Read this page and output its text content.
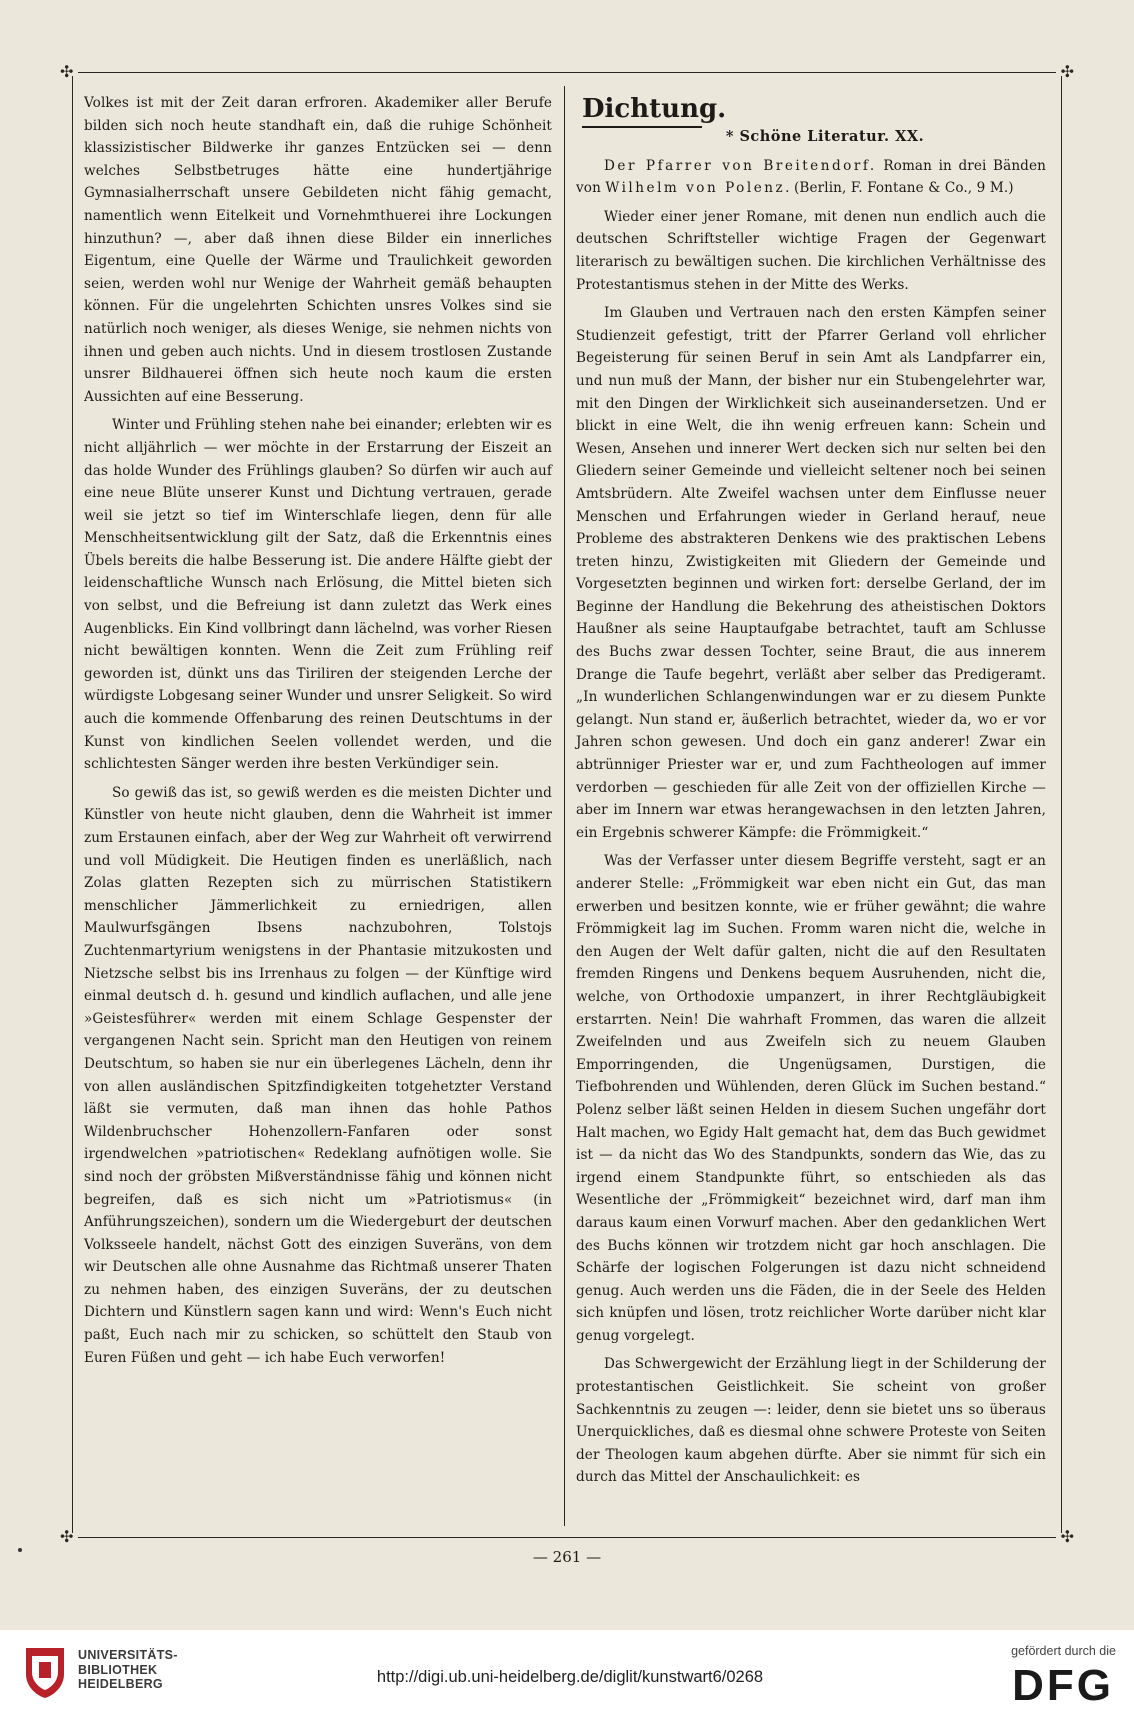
✣	✣
✣	✣

Volkes ist mit der Zeit daran erfroren. Akademiker aller Berufe bilden sich noch heute standhaft ein, daß die ruhige Schönheit klassizistischer Bildwerke ihr ganzes Entzücken sei — denn welches Selbstbetruges hätte eine hundertjährige Gymnasialherrschaft unsere Gebildeten nicht fähig gemacht, namentlich wenn Eitelkeit und Vornehmthuerei ihre Lockungen hinzuthun? —, aber daß ihnen diese Bilder ein innerliches Eigentum, eine Quelle der Wärme und Traulichkeit geworden seien, werden wohl nur Wenige der Wahrheit gemäß behaupten können. Für die ungelehrten Schichten unsres Volkes sind sie natürlich noch weniger, als dieses Wenige, sie nehmen nichts von ihnen und geben auch nichts. Und in diesem trostlosen Zustande unsrer Bildhauerei öffnen sich heute noch kaum die ersten Aussichten auf eine Besserung.

Winter und Frühling stehen nahe bei einander; erlebten wir es nicht alljährlich — wer möchte in der Erstarrung der Eiszeit an das holde Wunder des Frühlings glauben? So dürfen wir auch auf eine neue Blüte unserer Kunst und Dichtung vertrauen, gerade weil sie jetzt so tief im Winterschlafe liegen, denn für alle Menschheitsentwicklung gilt der Satz, daß die Erkenntnis eines Übels bereits die halbe Besserung ist. Die andere Hälfte giebt der leidenschaftliche Wunsch nach Erlösung, die Mittel bieten sich von selbst, und die Befreiung ist dann zuletzt das Werk eines Augenblicks. Ein Kind vollbringt dann lächelnd, was vorher Riesen nicht bewältigen konnten. Wenn die Zeit zum Frühling reif geworden ist, dünkt uns das Tiriliren der steigenden Lerche der würdigste Lobgesang seiner Wunder und unsrer Seligkeit. So wird auch die kommende Offenbarung des reinen Deutschtums in der Kunst von kindlichen Seelen vollendet werden, und die schlichtesten Sänger werden ihre besten Verkündiger sein.

So gewiß das ist, so gewiß werden es die meisten Dichter und Künstler von heute nicht glauben, denn die Wahrheit ist immer zum Erstaunen einfach, aber der Weg zur Wahrheit oft verwirrend und voll Müdigkeit. Die Heutigen finden es unerläßlich, nach Zolas glatten Rezepten sich zu mürrischen Statistikern menschlicher Jämmerlichkeit zu erniedrigen, allen Maulwurfsgängen Ibsens nachzubohren, Tolstojs Zuchtenmartyrium wenigstens in der Phantasie mitzukosten und Nietzsche selbst bis ins Irrenhaus zu folgen — der Künftige wird einmal deutsch d. h. gesund und kindlich auflachen, und alle jene »Geistesführer« werden mit einem Schlage Gespenster der vergangenen Nacht sein. Spricht man den Heutigen von reinem Deutschtum, so haben sie nur ein überlegenes Lächeln, denn ihr von allen ausländischen Spitzfindigkeiten totgehetzter Verstand läßt sie vermuten, daß man ihnen das hohle Pathos Wildenbruchscher Hohenzollern-Fanfaren oder sonst irgendwelchen »patriotischen« Redeklang aufnötigen wolle. Sie sind noch der gröbsten Mißverständnisse fähig und können nicht begreifen, daß es sich nicht um »Patriotismus« (in Anführungszeichen), sondern um die Wiedergeburt der deutschen Volksseele handelt, nächst Gott des einzigen Suveräns, von dem wir Deutschen alle ohne Ausnahme das Richtmaß unserer Thaten zu nehmen haben, des einzigen Suveräns, der zu deutschen Dichtern und Künstlern sagen kann und wird: Wenn's Euch nicht paßt, Euch nach mir zu schicken, so schüttelt den Staub von Euren Füßen und geht — ich habe Euch verworfen!

Dichtung.

* Schöne Literatur. XX.

Der Pfarrer von Breitendorf. Roman in drei Bänden von Wilhelm von Polenz. (Berlin, F. Fontane & Co., 9 M.)

Wieder einer jener Romane, mit denen nun endlich auch die deutschen Schriftsteller wichtige Fragen der Gegenwart literarisch zu bewältigen suchen. Die kirchlichen Verhältnisse des Protestantismus stehen in der Mitte des Werks.

Im Glauben und Vertrauen nach den ersten Kämpfen seiner Studienzeit gefestigt, tritt der Pfarrer Gerland voll ehrlicher Begeisterung für seinen Beruf in sein Amt als Landpfarrer ein, und nun muß der Mann, der bisher nur ein Stubengelehrter war, mit den Dingen der Wirklichkeit sich auseinandersetzen. Und er blickt in eine Welt, die ihn wenig erfreuen kann: Schein und Wesen, Ansehen und innerer Wert decken sich nur selten bei den Gliedern seiner Gemeinde und vielleicht seltener noch bei seinen Amtsbrüdern. Alte Zweifel wachsen unter dem Einflusse neuer Menschen und Erfahrungen wieder in Gerland herauf, neue Probleme des abstrakteren Denkens wie des praktischen Lebens treten hinzu, Zwistigkeiten mit Gliedern der Gemeinde und Vorgesetzten beginnen und wirken fort: derselbe Gerland, der im Beginne der Handlung die Bekehrung des atheistischen Doktors Haußner als seine Hauptaufgabe betrachtet, tauft am Schlusse des Buchs zwar dessen Tochter, seine Braut, die aus innerem Drange die Taufe begehrt, verläßt aber selber das Predigeramt. „In wunderlichen Schlangenwindungen war er zu diesem Punkte gelangt. Nun stand er, äußerlich betrachtet, wieder da, wo er vor Jahren schon gewesen. Und doch ein ganz anderer! Zwar ein abtrünniger Priester war er, und zum Fachtheologen auf immer verdorben — geschieden für alle Zeit von der offiziellen Kirche — aber im Innern war etwas herangewachsen in den letzten Jahren, ein Ergebnis schwerer Kämpfe: die Frömmigkeit.“

Was der Verfasser unter diesem Begriffe versteht, sagt er an anderer Stelle: „Frömmigkeit war eben nicht ein Gut, das man erwerben und besitzen konnte, wie er früher gewähnt; die wahre Frömmigkeit lag im Suchen. Fromm waren nicht die, welche in den Augen der Welt dafür galten, nicht die auf den Resultaten fremden Ringens und Denkens bequem Ausruhenden, nicht die, welche, von Orthodoxie umpanzert, in ihrer Rechtgläubigkeit erstarrten. Nein! Die wahrhaft Frommen, das waren die allzeit Zweifelnden und aus Zweifeln sich zu neuem Glauben Emporringenden, die Ungenügsamen, Durstigen, die Tiefbohrenden und Wühlenden, deren Glück im Suchen bestand.“ Polenz selber läßt seinen Helden in diesem Suchen ungefähr dort Halt machen, wo Egidy Halt gemacht hat, dem das Buch gewidmet ist — da nicht das Wo des Standpunkts, sondern das Wie, das zu irgend einem Standpunkte führt, so entschieden als das Wesentliche der „Frömmigkeit“ bezeichnet wird, darf man ihm daraus kaum einen Vorwurf machen. Aber den gedanklichen Wert des Buchs können wir trotzdem nicht gar hoch anschlagen. Die Schärfe der logischen Folgerungen ist dazu nicht schneidend genug. Auch werden uns die Fäden, die in der Seele des Helden sich knüpfen und lösen, trotz reichlicher Worte darüber nicht klar genug vorgelegt.

Das Schwergewicht der Erzählung liegt in der Schilderung der protestantischen Geistlichkeit. Sie scheint von großer Sachkenntnis zu zeugen —: leider, denn sie bietet uns so überaus Unerquickliches, daß es diesmal ohne schwere Proteste von Seiten der Theologen kaum abgehen dürfte. Aber sie nimmt für sich ein durch das Mittel der Anschaulichkeit: es

— 261 —
UNIVERSITÄTS-
BIBLIOTHEK
HEIDELBERG	http://digi.ub.uni-heidelberg.de/diglit/kunstwart6/0268
gefördert durch die
DFG
